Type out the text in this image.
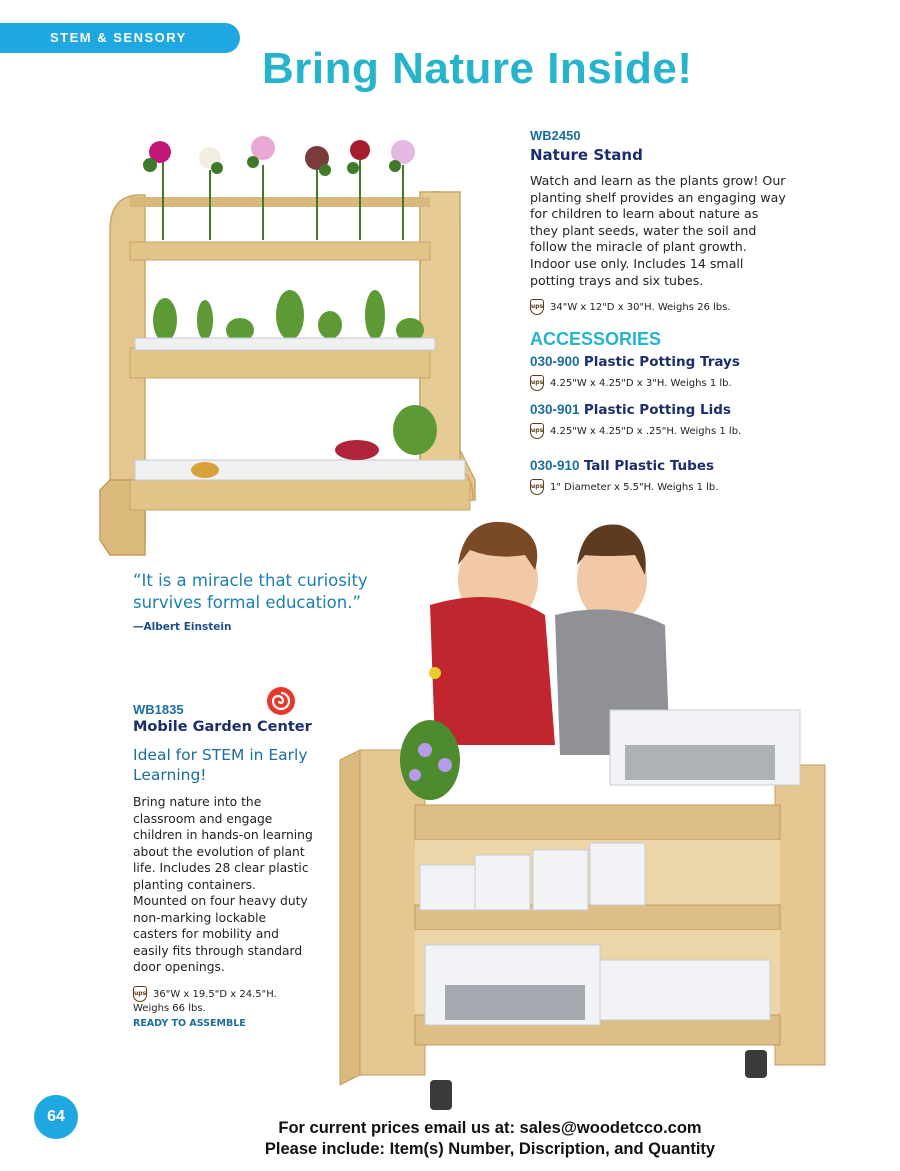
STEM & SENSORY
Bring Nature Inside!
WB2450
Nature Stand
Watch and learn as the plants grow! Our planting shelf provides an engaging way for children to learn about nature as they plant seeds, water the soil and follow the miracle of plant growth. Indoor use only. Includes 14 small potting trays and six tubes.
ups 34"W x 12"D x 30"H. Weighs 26 lbs.
ACCESSORIES
030-900 Plastic Potting Trays
ups 4.25"W x 4.25"D x 3"H. Weighs 1 lb.
030-901 Plastic Potting Lids
ups 4.25"W x 4.25"D x .25"H. Weighs 1 lb.
030-910 Tall Plastic Tubes
ups 1" Diameter x 5.5"H. Weighs 1 lb.
“It is a miracle that curiosity survives formal education.”
—Albert Einstein
WB1835
Mobile Garden Center
Ideal for STEM in Early Learning!
Bring nature into the classroom and engage children in hands-on learning about the evolution of plant life. Includes 28 clear plastic planting containers. Mounted on four heavy duty non-marking lockable casters for mobility and easily fits through standard door openings.
ups 36"W x 19.5"D x 24.5"H.
Weighs 66 lbs.
READY TO ASSEMBLE
64
For current prices email us at: sales@woodetcco.com
Please include: Item(s) Number, Discription, and Quantity
